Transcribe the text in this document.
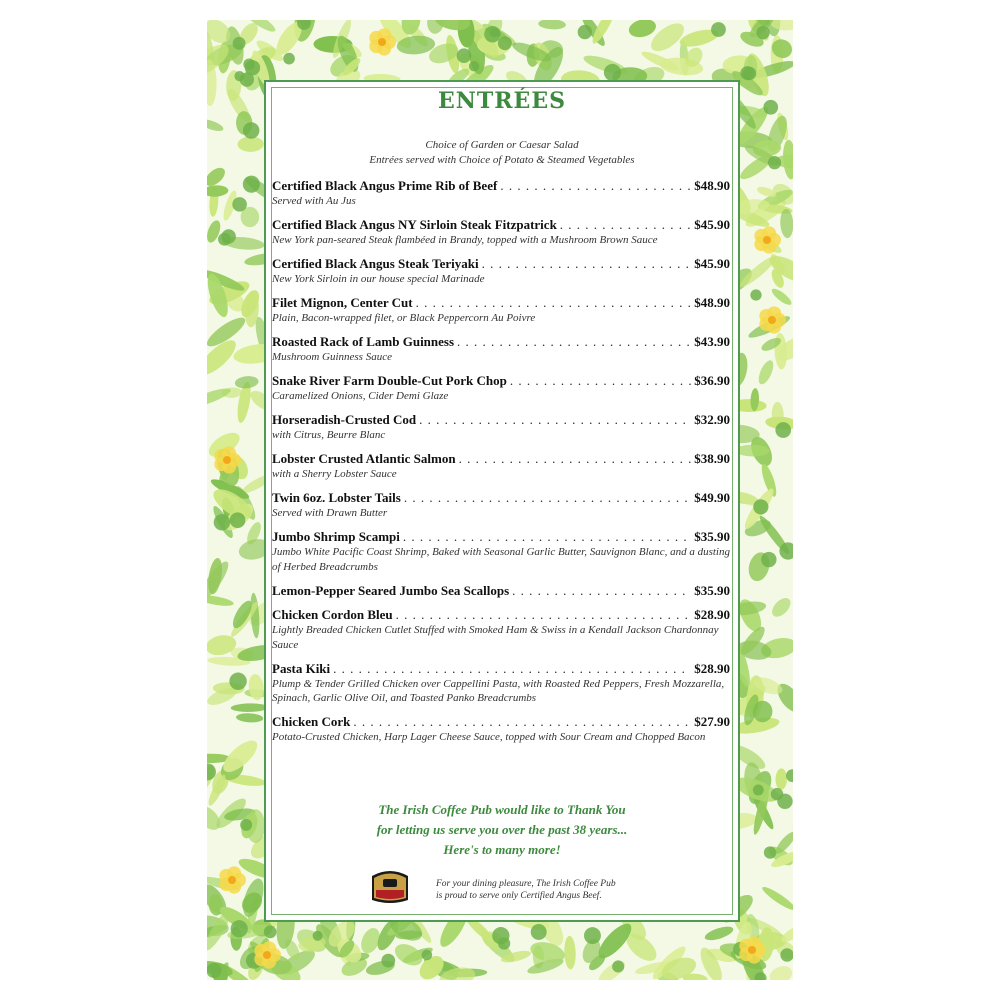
ENTRÉES
Choice of Garden or Caesar Salad
Entrées served with Choice of Potato & Steamed Vegetables
Certified Black Angus Prime Rib of Beef . . .	$48.90
Served with Au Jus
Certified Black Angus NY Sirloin Steak Fitzpatrick . . .	$45.90
New York pan-seared Steak flambéed in Brandy, topped with a Mushroom Brown Sauce
Certified Black Angus Steak Teriyaki . . .	$45.90
New York Sirloin in our house special Marinade
Filet Mignon, Center Cut . . .	$48.90
Plain, Bacon-wrapped filet, or Black Peppercorn Au Poivre
Roasted Rack of Lamb Guinness . . .	$43.90
Mushroom Guinness Sauce
Snake River Farm Double-Cut Pork Chop . . .	$36.90
Caramelized Onions, Cider Demi Glaze
Horseradish-Crusted Cod . . .	$32.90
with Citrus, Beurre Blanc
Lobster Crusted Atlantic Salmon . . .	$38.90
with a Sherry Lobster Sauce
Twin 6oz. Lobster Tails . . .	$49.90
Served with Drawn Butter
Jumbo Shrimp Scampi . . .	$35.90
Jumbo White Pacific Coast Shrimp, Baked with Seasonal Garlic Butter, Sauvignon Blanc, and a dusting of Herbed Breadcrumbs
Lemon-Pepper Seared Jumbo Sea Scallops . . .	$35.90
Chicken Cordon Bleu . . .	$28.90
Lightly Breaded Chicken Cutlet Stuffed with Smoked Ham & Swiss in a Kendall Jackson Chardonnay Sauce
Pasta Kiki . . .	$28.90
Plump & Tender Grilled Chicken over Cappellini Pasta, with Roasted Red Peppers, Fresh Mozzarella, Spinach, Garlic Olive Oil, and Toasted Panko Breadcrumbs
Chicken Cork . . .	$27.90
Potato-Crusted Chicken, Harp Lager Cheese Sauce, topped with Sour Cream and Chopped Bacon
The Irish Coffee Pub would like to Thank You
for letting us serve you over the past 38 years...
Here's to many more!
For your dining pleasure, The Irish Coffee Pub
is proud to serve only Certified Angus Beef.
